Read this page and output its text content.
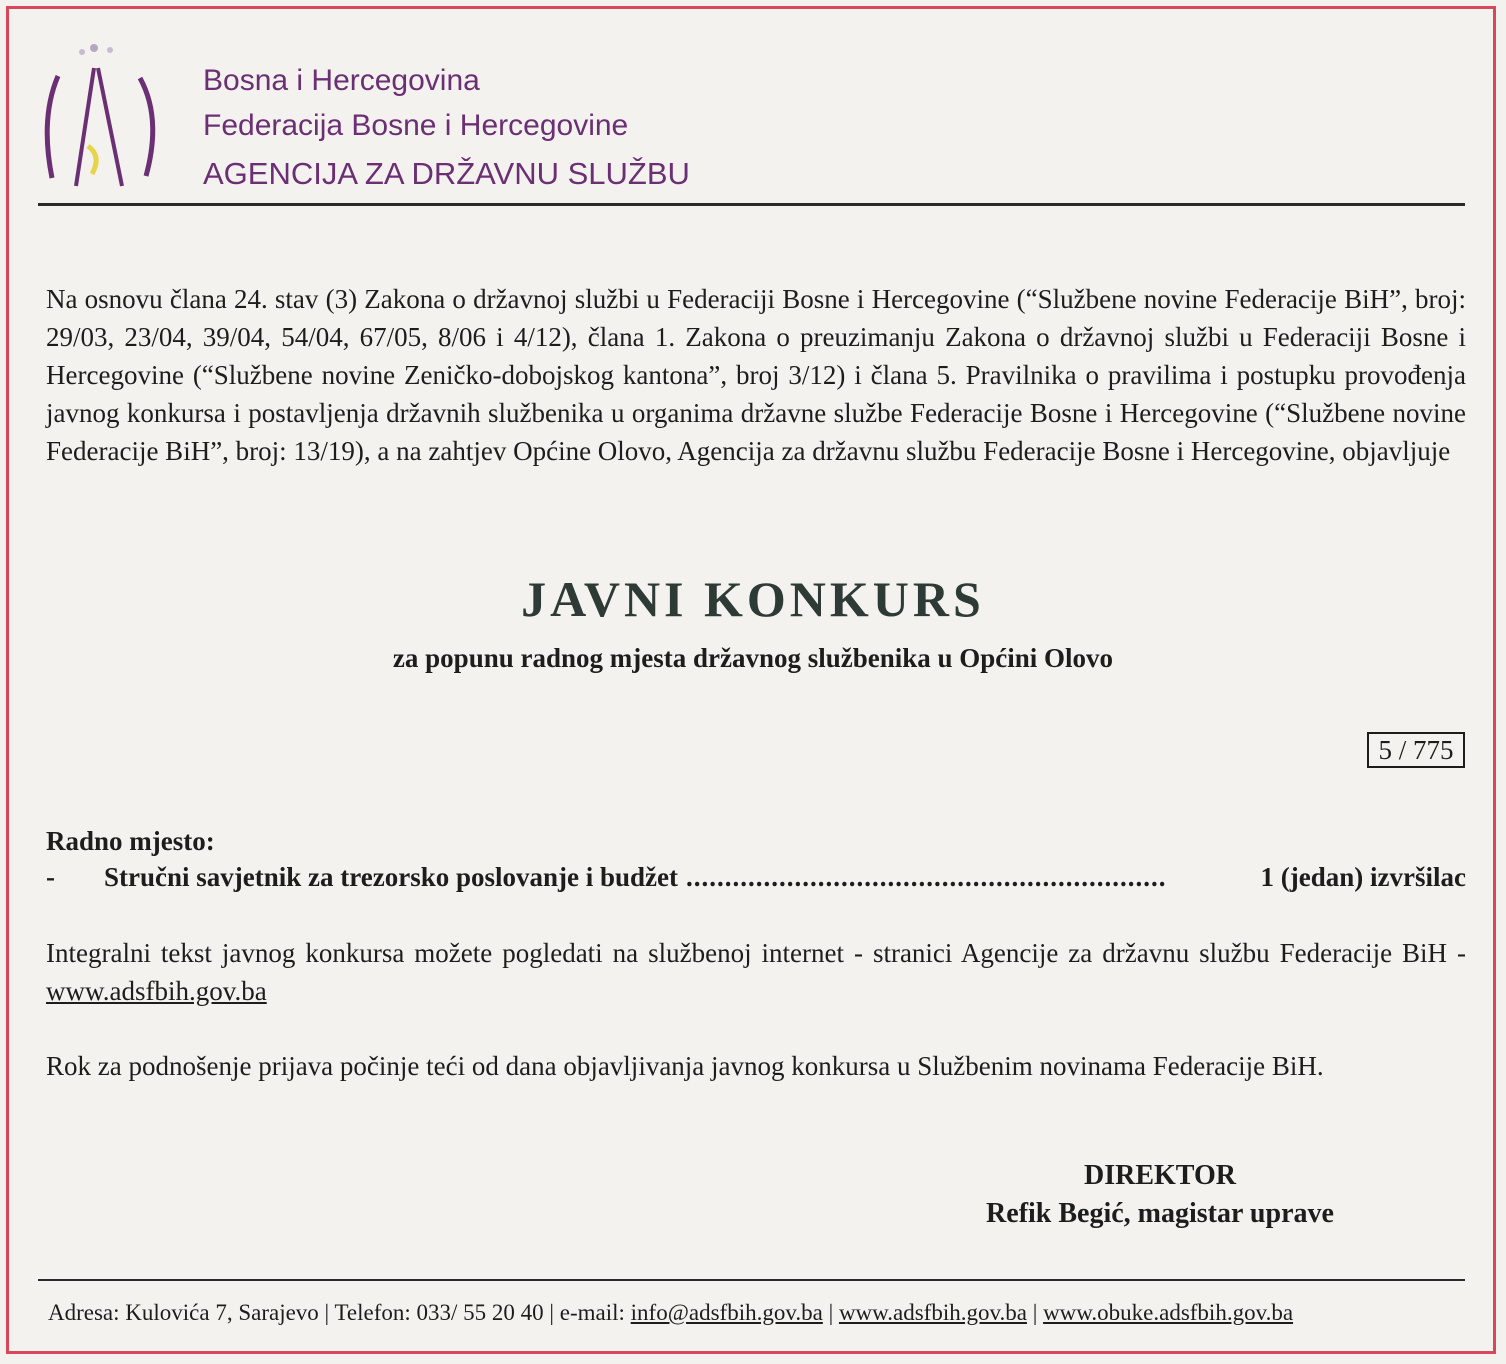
Bosna i Hercegovina
Federacija Bosne i Hercegovine
AGENCIJA ZA DRŽAVNU SLUŽBU

Na osnovu člana 24. stav (3) Zakona o državnoj službi u Federaciji Bosne i Hercegovine (“Službene novine Federacije BiH”, broj: 29/03, 23/04, 39/04, 54/04, 67/05, 8/06 i 4/12), člana 1. Zakona o preuzimanju Zakona o državnoj službi u Federaciji Bosne i Hercegovine (“Službene novine Zeničko-dobojskog kantona”, broj 3/12) i člana 5. Pravilnika o pravilima i postupku provođenja javnog konkursa i postavljenja državnih službenika u organima državne službe Federacije Bosne i Hercegovine (“Službene novine Federacije BiH”, broj: 13/19), a na zahtjev Općine Olovo, Agencija za državnu službu Federacije Bosne i Hercegovine, objavljuje

JAVNI KONKURS
za popunu radnog mjesta državnog službenika u Općini Olovo
5 / 775
Radno mjesto:
-	Stručni savjetnik za trezorsko poslovanje i budžet ..............................................................	1 (jedan) izvršilac

Integralni tekst javnog konkursa možete pogledati na službenoj internet - stranici Agencije za državnu službu Federacije BiH - www.adsfbih.gov.ba

Rok za podnošenje prijava počinje teći od dana objavljivanja javnog konkursa u Službenim novinama Federacije BiH.

DIREKTOR
Refik Begić, magistar uprave
Adresa: Kulovića 7, Sarajevo | Telefon: 033/ 55 20 40 | e-mail: info@adsfbih.gov.ba | www.adsfbih.gov.ba | www.obuke.adsfbih.gov.ba
